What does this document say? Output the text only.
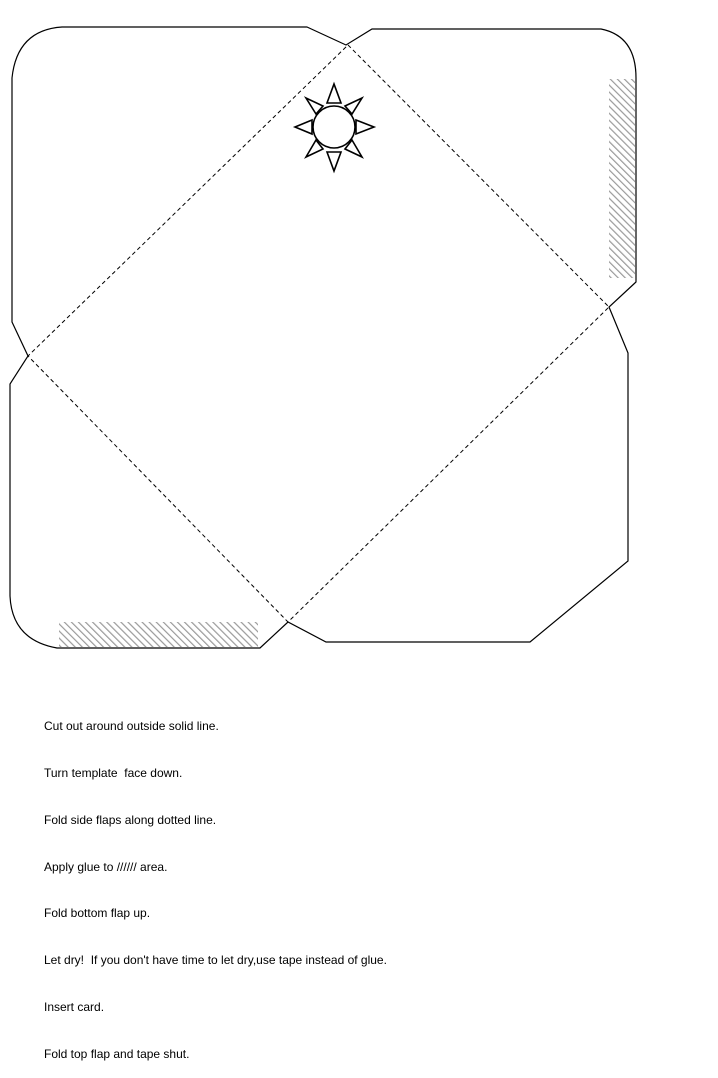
Cut out around outside solid line.

Turn template  face down.

Fold side flaps along dotted line.

Apply glue to ////// area.

Fold bottom flap up.

Let dry!  If you don't have time to let dry,use tape instead of glue.

Insert card.

Fold top flap and tape shut.
